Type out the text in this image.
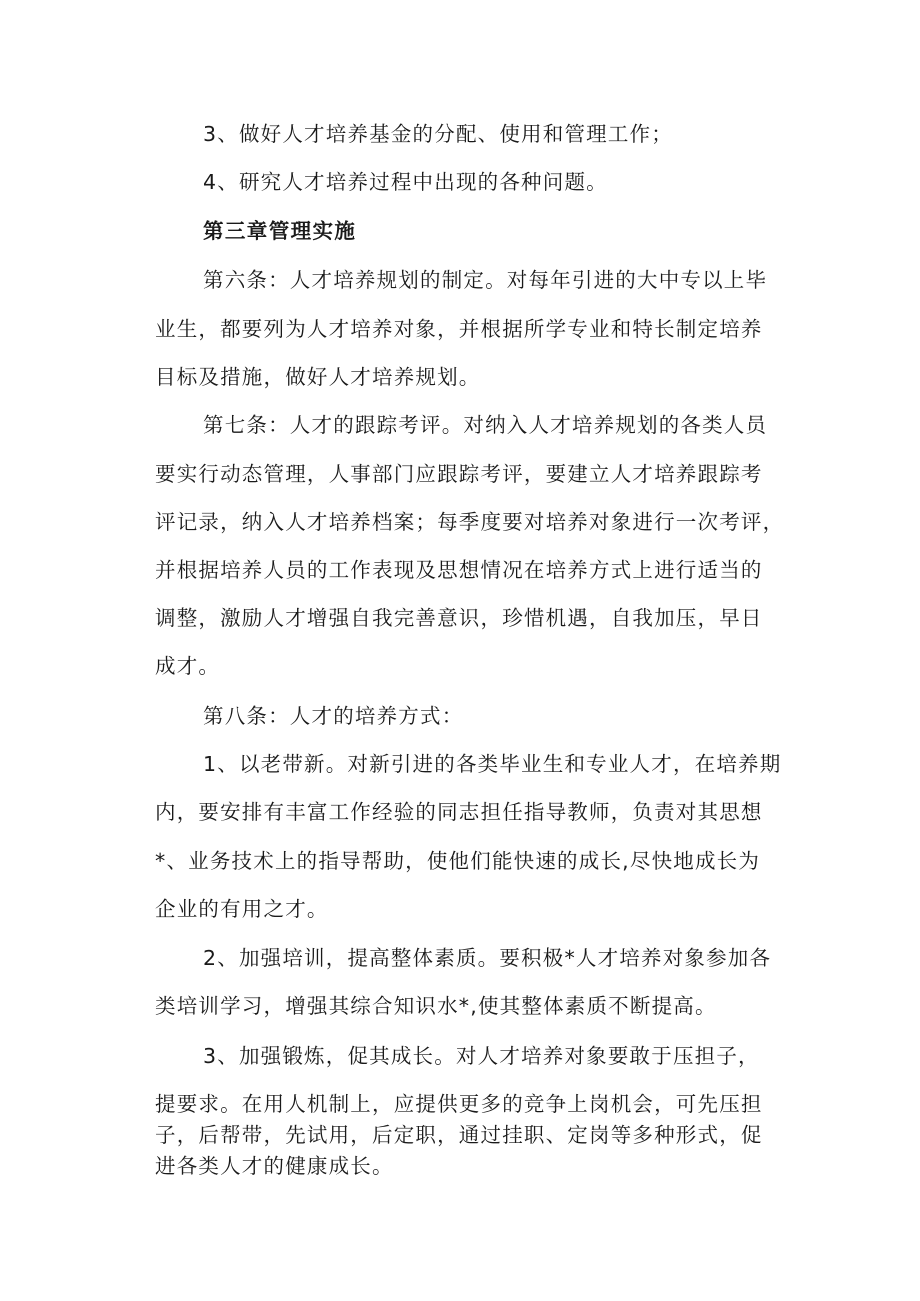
3、做好人才培养基金的分配、使用和管理工作；
4、研究人才培养过程中出现的各种问题。
第三章管理实施
第六条：人才培养规划的制定。对每年引进的大中专以上毕
业生，都要列为人才培养对象，并根据所学专业和特长制定培养
目标及措施，做好人才培养规划。
第七条：人才的跟踪考评。对纳入人才培养规划的各类人员
要实行动态管理，人事部门应跟踪考评，要建立人才培养跟踪考
评记录，纳入人才培养档案；每季度要对培养对象进行一次考评，
并根据培养人员的工作表现及思想情况在培养方式上进行适当的
调整，激励人才增强自我完善意识，珍惜机遇，自我加压，早日
成才。
第八条：人才的培养方式：
1、以老带新。对新引进的各类毕业生和专业人才，在培养期
内，要安排有丰富工作经验的同志担任指导教师，负责对其思想
*、业务技术上的指导帮助，使他们能快速的成长,尽快地成长为
企业的有用之才。
2、加强培训，提高整体素质。要积极*人才培养对象参加各
类培训学习，增强其综合知识水*,使其整体素质不断提高。
3、加强锻炼，促其成长。对人才培养对象要敢于压担子，
提要求。在用人机制上，应提供更多的竞争上岗机会，可先压担
子，后帮带，先试用，后定职，通过挂职、定岗等多种形式，促
进各类人才的健康成长。
